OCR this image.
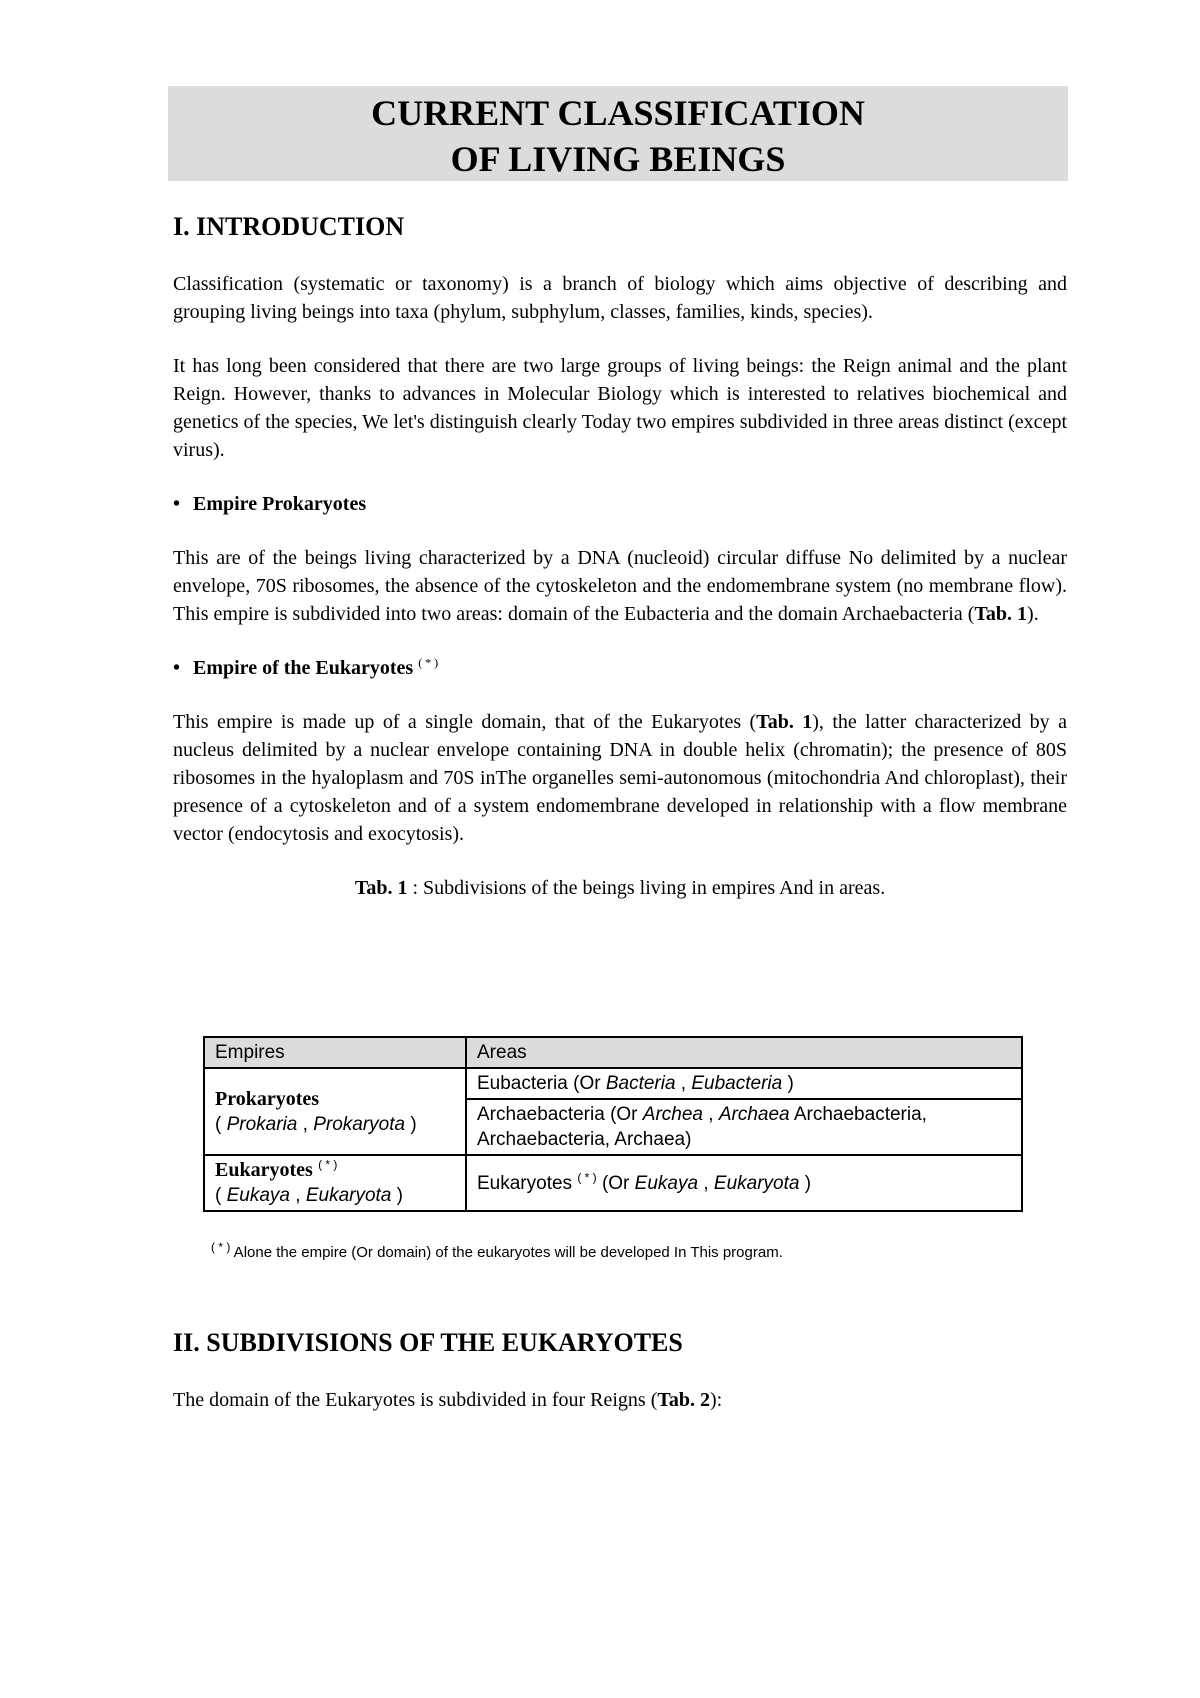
CURRENT CLASSIFICATION
OF LIVING BEINGS
I. INTRODUCTION

Classification (systematic or taxonomy) is a branch of biology which aims objective of describing and grouping living beings into taxa (phylum, subphylum, classes, families, kinds, species).

It has long been considered that there are two large groups of living beings: the Reign animal and the plant Reign. However, thanks to advances in Molecular Biology which is interested to relatives biochemical and genetics of the species, We let's distinguish clearly Today two empires subdivided in three areas distinct (except virus).

• Empire Prokaryotes

This are of the beings living characterized by a DNA (nucleoid) circular diffuse No delimited by a nuclear envelope, 70S ribosomes, the absence of the cytoskeleton and the endomembrane system (no membrane flow). This empire is subdivided into two areas: domain of the Eubacteria and the domain Archaebacteria (Tab. 1).

• Empire of the Eukaryotes ( * )

This empire is made up of a single domain, that of the Eukaryotes (Tab. 1), the latter characterized by a nucleus delimited by a nuclear envelope containing DNA in double helix (chromatin); the presence of 80S ribosomes in the hyaloplasm and 70S inThe organelles semi-autonomous (mitochondria And chloroplast), their presence of a cytoskeleton and of a system endomembrane developed in relationship with a flow membrane vector (endocytosis and exocytosis).

Tab. 1 : Subdivisions of the beings living in empires And in areas.
Empires	Areas

Prokaryotes
( Prokaria , Prokaryota )	Eubacteria (Or Bacteria , Eubacteria )
	Archaebacteria (Or Archea , Archaea Archaebacteria, Archaebacteria, Archaea)

Eukaryotes ( * )
( Eukaya , Eukaryota )	Eukaryotes ( * ) (Or Eukaya , Eukaryota )
( * ) Alone the empire (Or domain) of the eukaryotes will be developed In This program.
II. SUBDIVISIONS OF THE EUKARYOTES

The domain of the Eukaryotes is subdivided in four Reigns (Tab. 2):
